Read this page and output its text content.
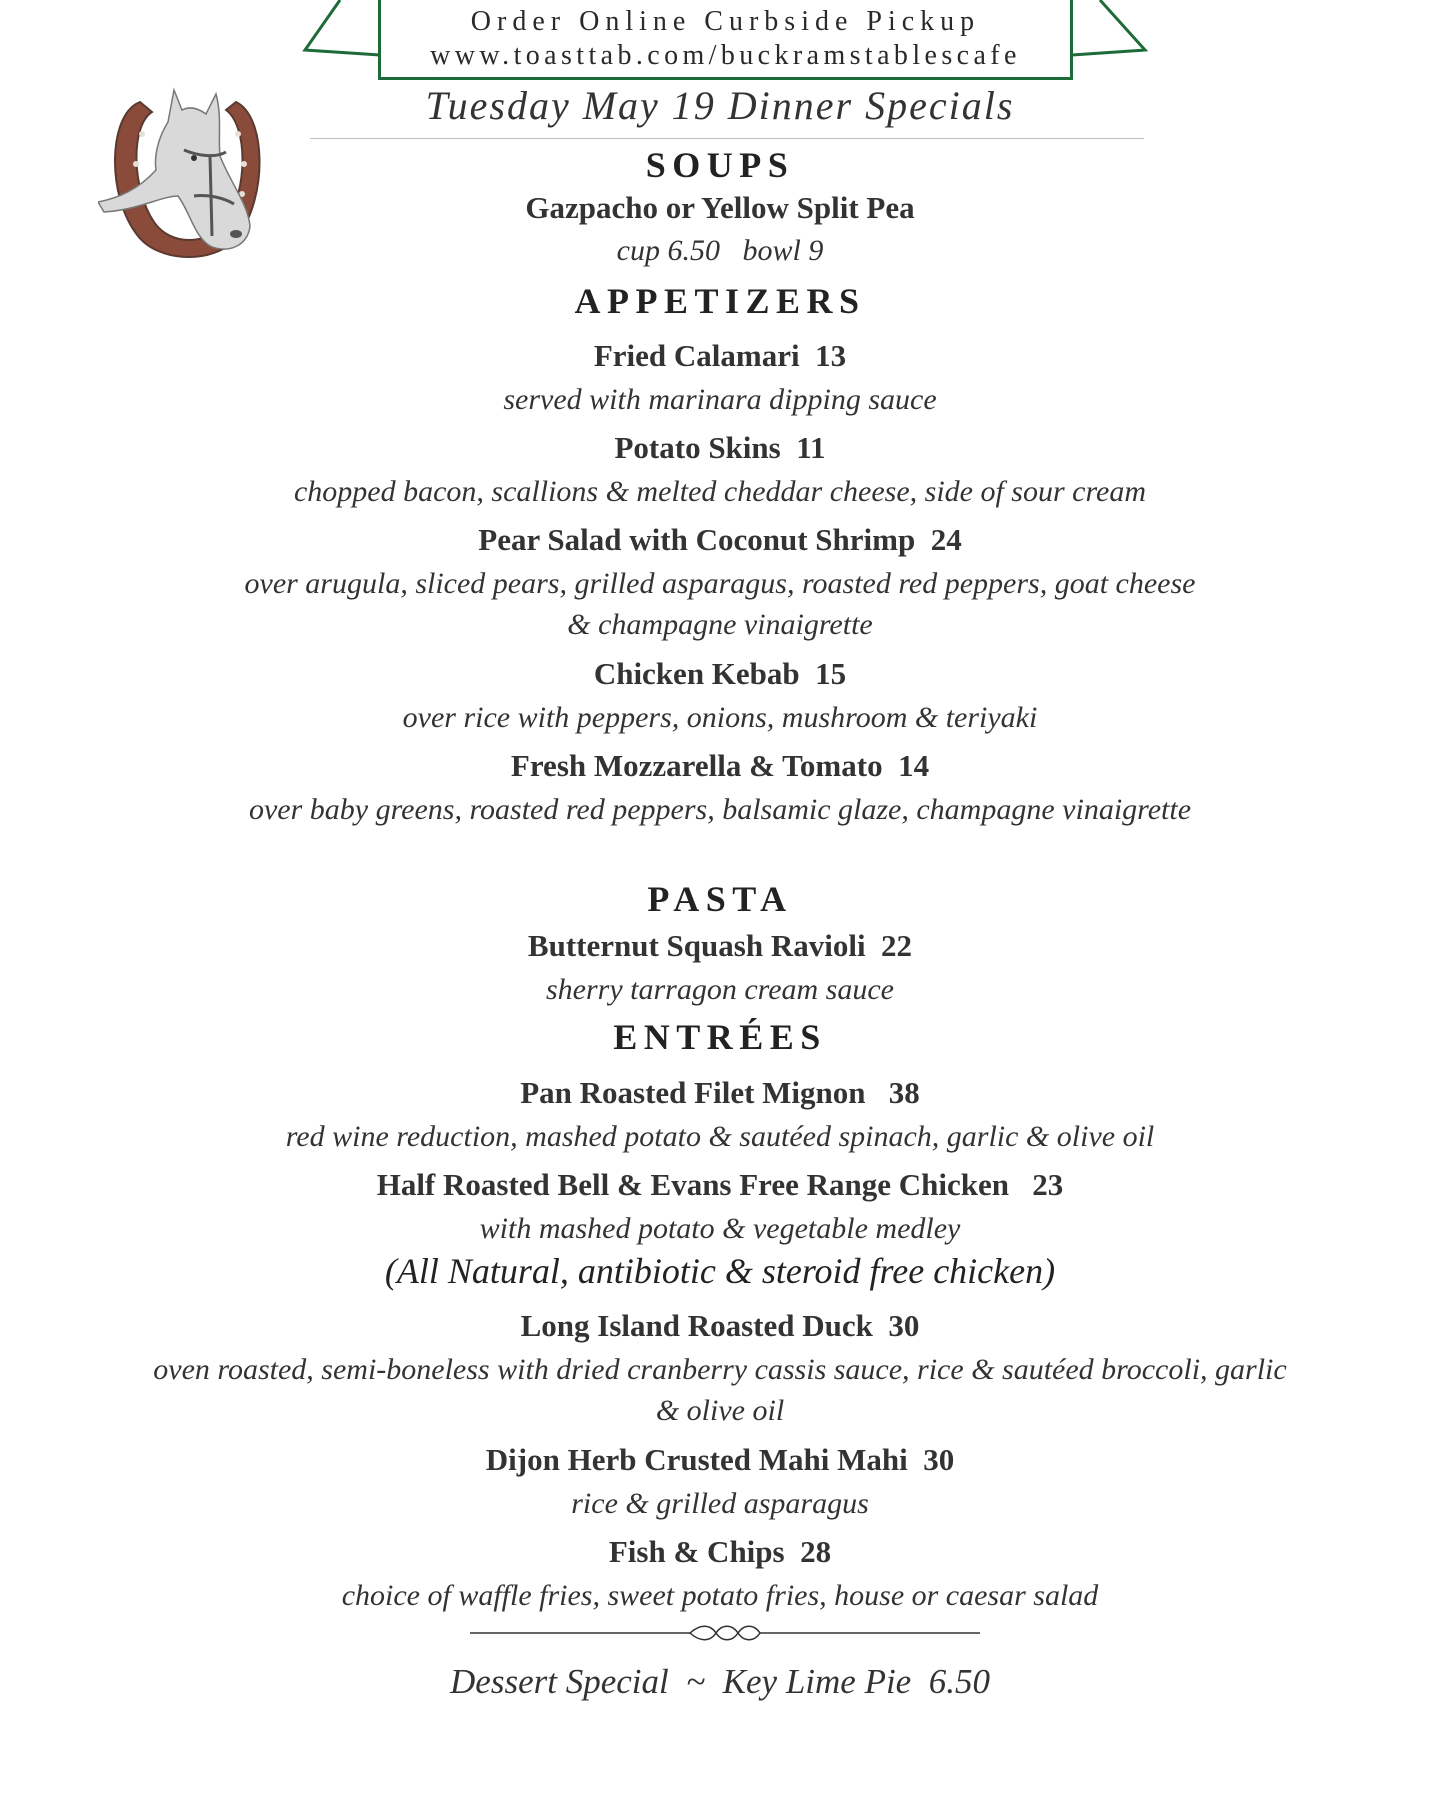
Order Online Curbside Pickup
www.toasttab.com/buckramstablescafe
Tuesday May 19 Dinner Specials
SOUPS
Gazpacho or Yellow Split Pea
cup 6.50   bowl 9
APPETIZERS
Fried Calamari  13
served with marinara dipping sauce
Potato Skins  11
chopped bacon, scallions & melted cheddar cheese, side of sour cream
Pear Salad with Coconut Shrimp  24
over arugula, sliced pears, grilled asparagus, roasted red peppers, goat cheese
& champagne vinaigrette
Chicken Kebab  15
over rice with peppers, onions, mushroom & teriyaki
Fresh Mozzarella & Tomato  14
over baby greens, roasted red peppers, balsamic glaze, champagne vinaigrette
PASTA
Butternut Squash Ravioli  22
sherry tarragon cream sauce
ENTRÉES
Pan Roasted Filet Mignon   38
red wine reduction, mashed potato & sautéed spinach, garlic & olive oil
Half Roasted Bell & Evans Free Range Chicken   23
with mashed potato & vegetable medley
(All Natural, antibiotic & steroid free chicken)
Long Island Roasted Duck  30
oven roasted, semi-boneless with dried cranberry cassis sauce, rice & sautéed broccoli, garlic
& olive oil
Dijon Herb Crusted Mahi Mahi  30
rice & grilled asparagus
Fish & Chips  28
choice of waffle fries, sweet potato fries, house or caesar salad
Dessert Special  ~  Key Lime Pie  6.50
